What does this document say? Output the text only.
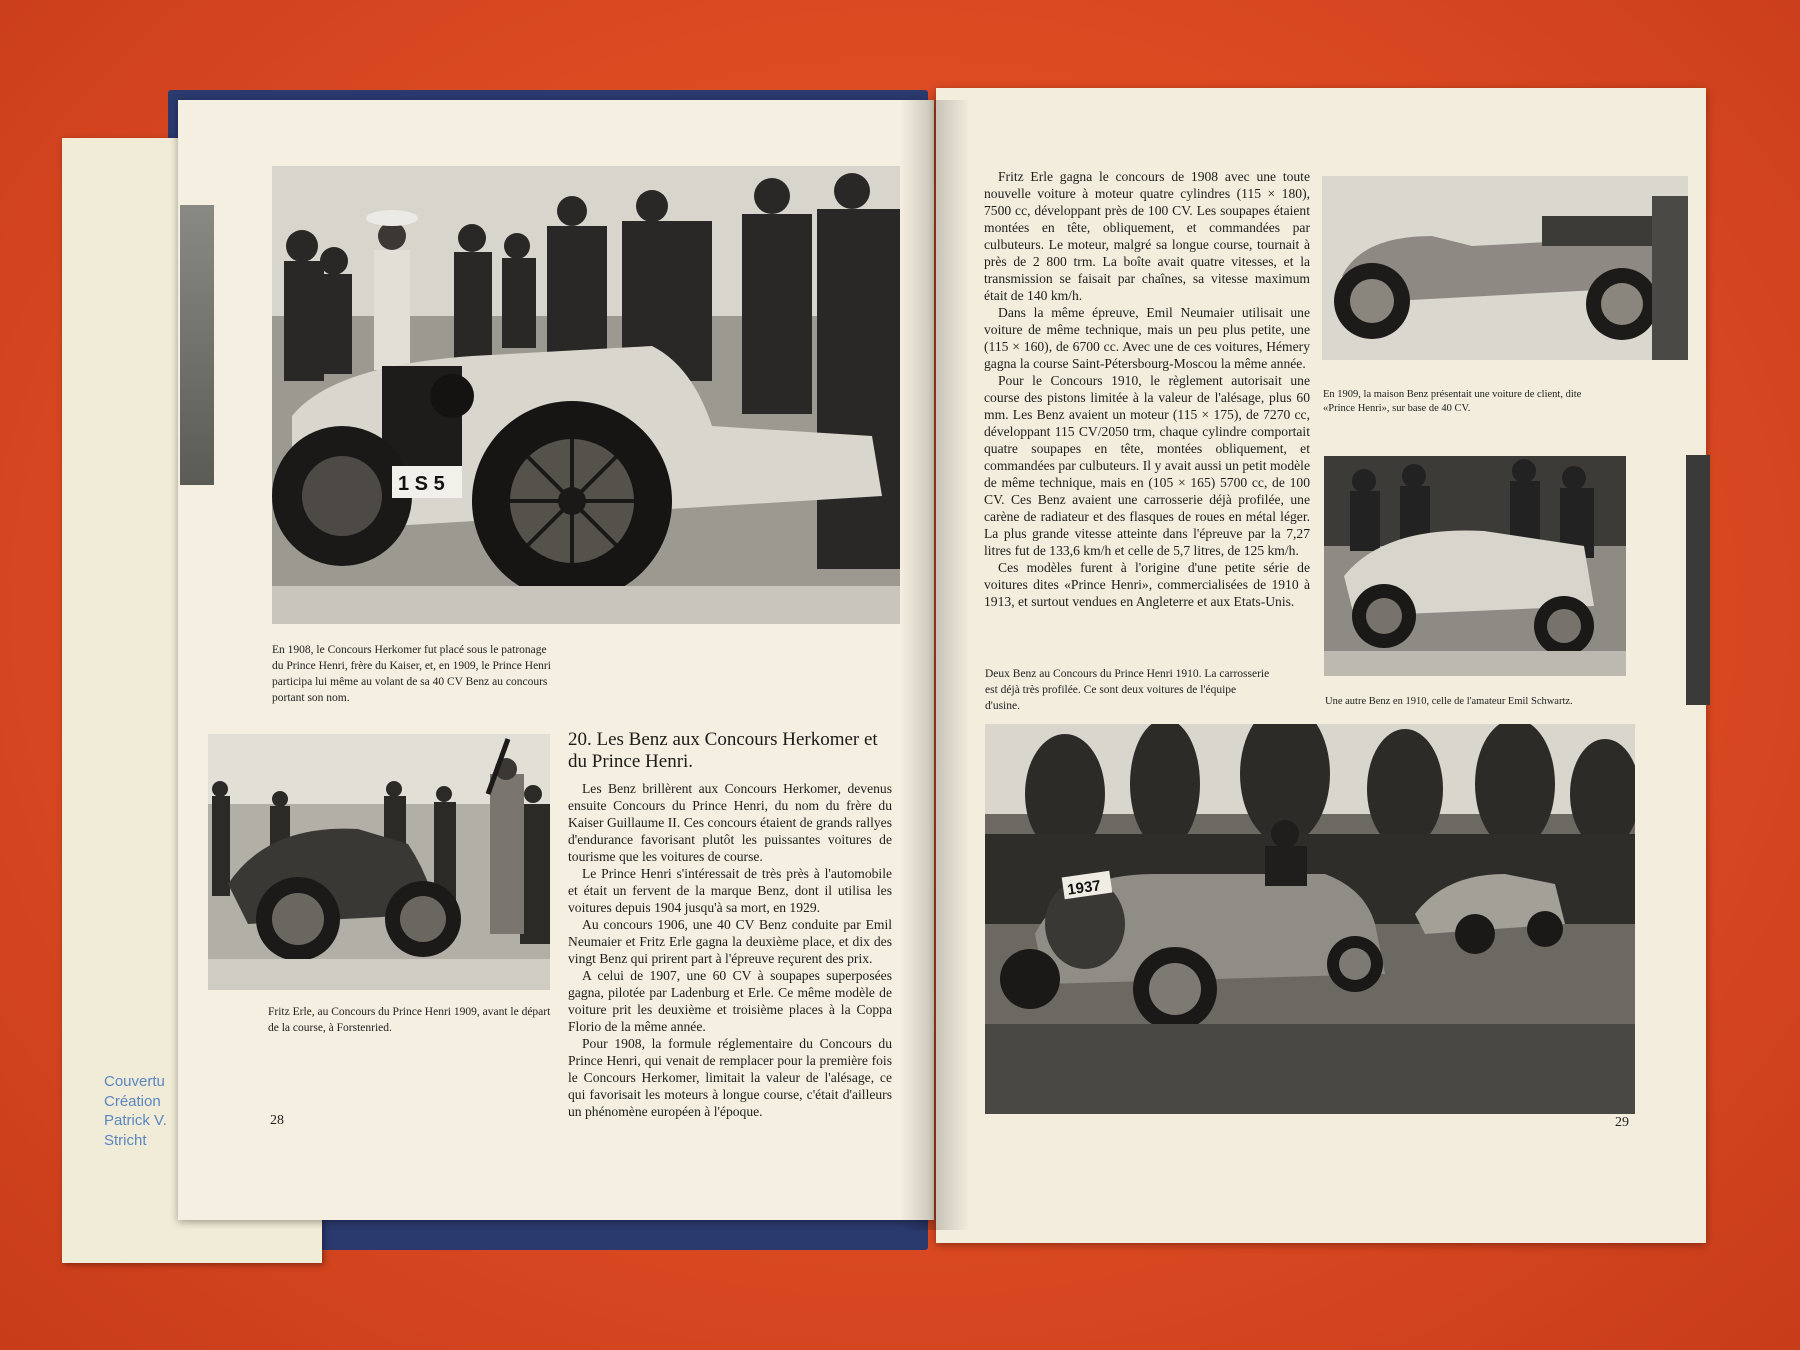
Couvertu
Création
Patrick V.
Stricht
1 S 5
En 1908, le Concours Herkomer fut placé sous le patronage
du Prince Henri, frère du Kaiser, et, en 1909, le Prince Henri
participa lui même au volant de sa 40 CV Benz au concours
portant son nom.
Fritz Erle, au Concours du Prince Henri 1909, avant le départ
de la course, à Forstenried.
20. Les Benz aux Concours Herkomer et du Prince Henri.

Les Benz brillèrent aux Concours Herkomer, devenus ensuite Concours du Prince Henri, du nom du frère du Kaiser Guillaume II. Ces concours étaient de grands rallyes d'endurance favorisant plutôt les puissantes voitures de tourisme que les voitures de course.

Le Prince Henri s'intéressait de très près à l'automobile et était un fervent de la marque Benz, dont il utilisa les voitures depuis 1904 jusqu'à sa mort, en 1929.

Au concours 1906, une 40 CV Benz conduite par Emil Neumaier et Fritz Erle gagna la deuxième place, et dix des vingt Benz qui prirent part à l'épreuve reçurent des prix.

A celui de 1907, une 60 CV à soupapes superposées gagna, pilotée par Ladenburg et Erle. Ce même modèle de voiture prit les deuxième et troisième places à la Coppa Florio de la même année.

Pour 1908, la formule réglementaire du Concours du Prince Henri, qui venait de remplacer pour la première fois le Concours Herkomer, limitait la valeur de l'alésage, ce qui favorisait les moteurs à longue course, c'était d'ailleurs un phénomène européen à l'époque.

28

Fritz Erle gagna le concours de 1908 avec une toute nouvelle voiture à moteur quatre cylindres (115 × 180), 7500 cc, développant près de 100 CV. Les soupapes étaient montées en tête, obliquement, et commandées par culbuteurs. Le moteur, malgré sa longue course, tournait à près de 2 800 trm. La boîte avait quatre vitesses, et la transmission se faisait par chaînes, sa vitesse maximum était de 140 km/h.

Dans la même épreuve, Emil Neumaier utilisait une voiture de même technique, mais un peu plus petite, une (115 × 160), de 6700 cc. Avec une de ces voitures, Hémery gagna la course Saint-Pétersbourg-Moscou la même année.

Pour le Concours 1910, le règlement autorisait une course des pistons limitée à la valeur de l'alésage, plus 60 mm. Les Benz avaient un moteur (115 × 175), de 7270 cc, développant 115 CV/2050 trm, chaque cylindre comportait quatre soupapes en tête, montées obliquement, et commandées par culbuteurs. Il y avait aussi un petit modèle de même technique, mais en (105 × 165) 5700 cc, de 100 CV. Ces Benz avaient une carrosserie déjà profilée, une carène de radiateur et des flasques de roues en métal léger. La plus grande vitesse atteinte dans l'épreuve par la 7,27 litres fut de 133,6 km/h et celle de 5,7 litres, de 125 km/h.

Ces modèles furent à l'origine d'une petite série de voitures dites «Prince Henri», commercialisées de 1910 à 1913, et surtout vendues en Angleterre et aux Etats-Unis.

En 1909, la maison Benz présentait une voiture de client, dite
«Prince Henri», sur base de 40 CV.
Deux Benz au Concours du Prince Henri 1910. La carrosserie
est déjà très profilée. Ce sont deux voitures de l'équipe
d'usine.	Une autre Benz en 1910, celle de l'amateur Emil Schwartz.
1937
29
